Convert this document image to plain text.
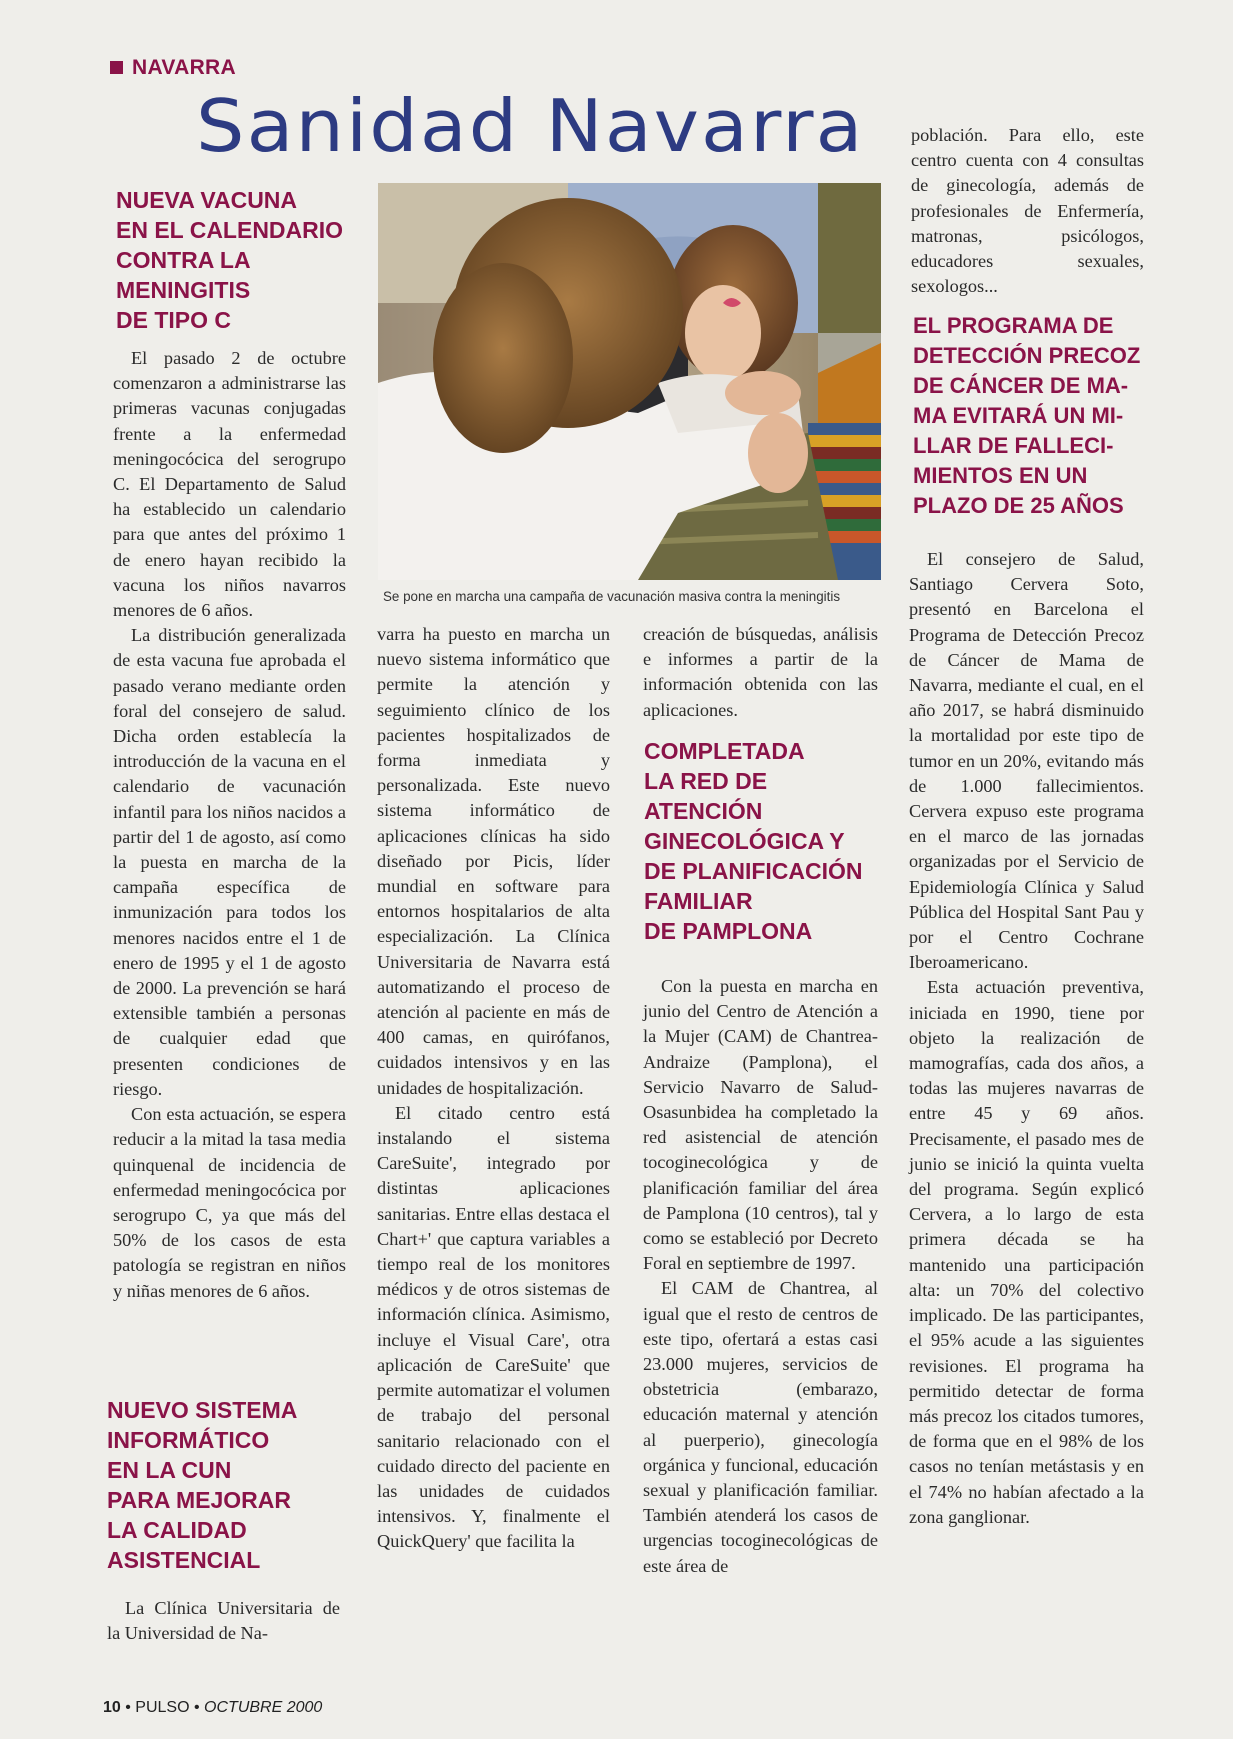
NAVARRA
Sanidad Navarra
NUEVA VACUNA
EN EL CALENDARIO
CONTRA LA
MENINGITIS
DE TIPO C

El pasado 2 de octubre comenzaron a administrarse las primeras vacunas conjugadas frente a la enfermedad meningocócica del serogrupo C. El Departamento de Salud ha establecido un calendario para que antes del próximo 1 de enero hayan recibido la vacuna los niños navarros menores de 6 años.

La distribución generalizada de esta vacuna fue aprobada el pasado verano mediante orden foral del consejero de salud. Dicha orden establecía la introducción de la vacuna en el calendario de vacunación infantil para los niños nacidos a partir del 1 de agosto, así como la puesta en marcha de la campaña específica de inmunización para todos los menores nacidos entre el 1 de enero de 1995 y el 1 de agosto de 2000. La prevención se hará extensible también a personas de cualquier edad que presenten condiciones de riesgo.

Con esta actuación, se espera reducir a la mitad la tasa media quinquenal de incidencia de enfermedad meningocócica por serogrupo C, ya que más del 50% de los casos de esta patología se registran en niños y niñas menores de 6 años.

NUEVO SISTEMA
INFORMÁTICO
EN LA CUN
PARA MEJORAR
LA CALIDAD
ASISTENCIAL

La Clínica Universitaria de la Universidad de Na-

Se pone en marcha una campaña de vacunación masiva contra la meningitis

varra ha puesto en marcha un nuevo sistema informático que permite la atención y seguimiento clínico de los pacientes hospitalizados de forma inmediata y personalizada. Este nuevo sistema informático de aplicaciones clínicas ha sido diseñado por Picis, líder mundial en software para entornos hospitalarios de alta especialización. La Clínica Universitaria de Navarra está automatizando el proceso de atención al paciente en más de 400 camas, en quirófanos, cuidados intensivos y en las unidades de hospitalización.

El citado centro está instalando el sistema CareSuite', integrado por distintas aplicaciones sanitarias. Entre ellas destaca el Chart+' que captura variables a tiempo real de los monitores médicos y de otros sistemas de información clínica. Asimismo, incluye el Visual Care', otra aplicación de CareSuite' que permite automatizar el volumen de trabajo del personal sanitario relacionado con el cuidado directo del paciente en las unidades de cuidados intensivos. Y, finalmente el QuickQuery' que facilita la

creación de búsquedas, análisis e informes a partir de la información obtenida con las aplicaciones.

COMPLETADA
LA RED DE
ATENCIÓN
GINECOLÓGICA Y
DE PLANIFICACIÓN
FAMILIAR
DE PAMPLONA

Con la puesta en marcha en junio del Centro de Atención a la Mujer (CAM) de Chantrea-Andraize (Pamplona), el Servicio Navarro de Salud-Osasunbidea ha completado la red asistencial de atención tocoginecológica y de planificación familiar del área de Pamplona (10 centros), tal y como se estableció por Decreto Foral en septiembre de 1997.

El CAM de Chantrea, al igual que el resto de centros de este tipo, ofertará a estas casi 23.000 mujeres, servicios de obstetricia (embarazo, educación maternal y atención al puerperio), ginecología orgánica y funcional, educación sexual y planificación familiar. También atenderá los casos de urgencias tocoginecológicas de este área de

población. Para ello, este centro cuenta con 4 consultas de ginecología, además de profesionales de Enfermería, matronas, psicólogos, educadores sexuales, sexologos...

EL PROGRAMA DE
DETECCIÓN PRECOZ
DE CÁNCER DE MA-
MA EVITARÁ UN MI-
LLAR DE FALLECI-
MIENTOS EN UN
PLAZO DE 25 AÑOS

El consejero de Salud, Santiago Cervera Soto, presentó en Barcelona el Programa de Detección Precoz de Cáncer de Mama de Navarra, mediante el cual, en el año 2017, se habrá disminuido la mortalidad por este tipo de tumor en un 20%, evitando más de 1.000 fallecimientos. Cervera expuso este programa en el marco de las jornadas organizadas por el Servicio de Epidemiología Clínica y Salud Pública del Hospital Sant Pau y por el Centro Cochrane Iberoamericano.

Esta actuación preventiva, iniciada en 1990, tiene por objeto la realización de mamografías, cada dos años, a todas las mujeres navarras de entre 45 y 69 años. Precisamente, el pasado mes de junio se inició la quinta vuelta del programa. Según explicó Cervera, a lo largo de esta primera década se ha mantenido una participación alta: un 70% del colectivo implicado. De las participantes, el 95% acude a las siguientes revisiones. El programa ha permitido detectar de forma más precoz los citados tumores, de forma que en el 98% de los casos no tenían metástasis y en el 74% no habían afectado a la zona ganglionar.

10 • PULSO • OCTUBRE 2000
